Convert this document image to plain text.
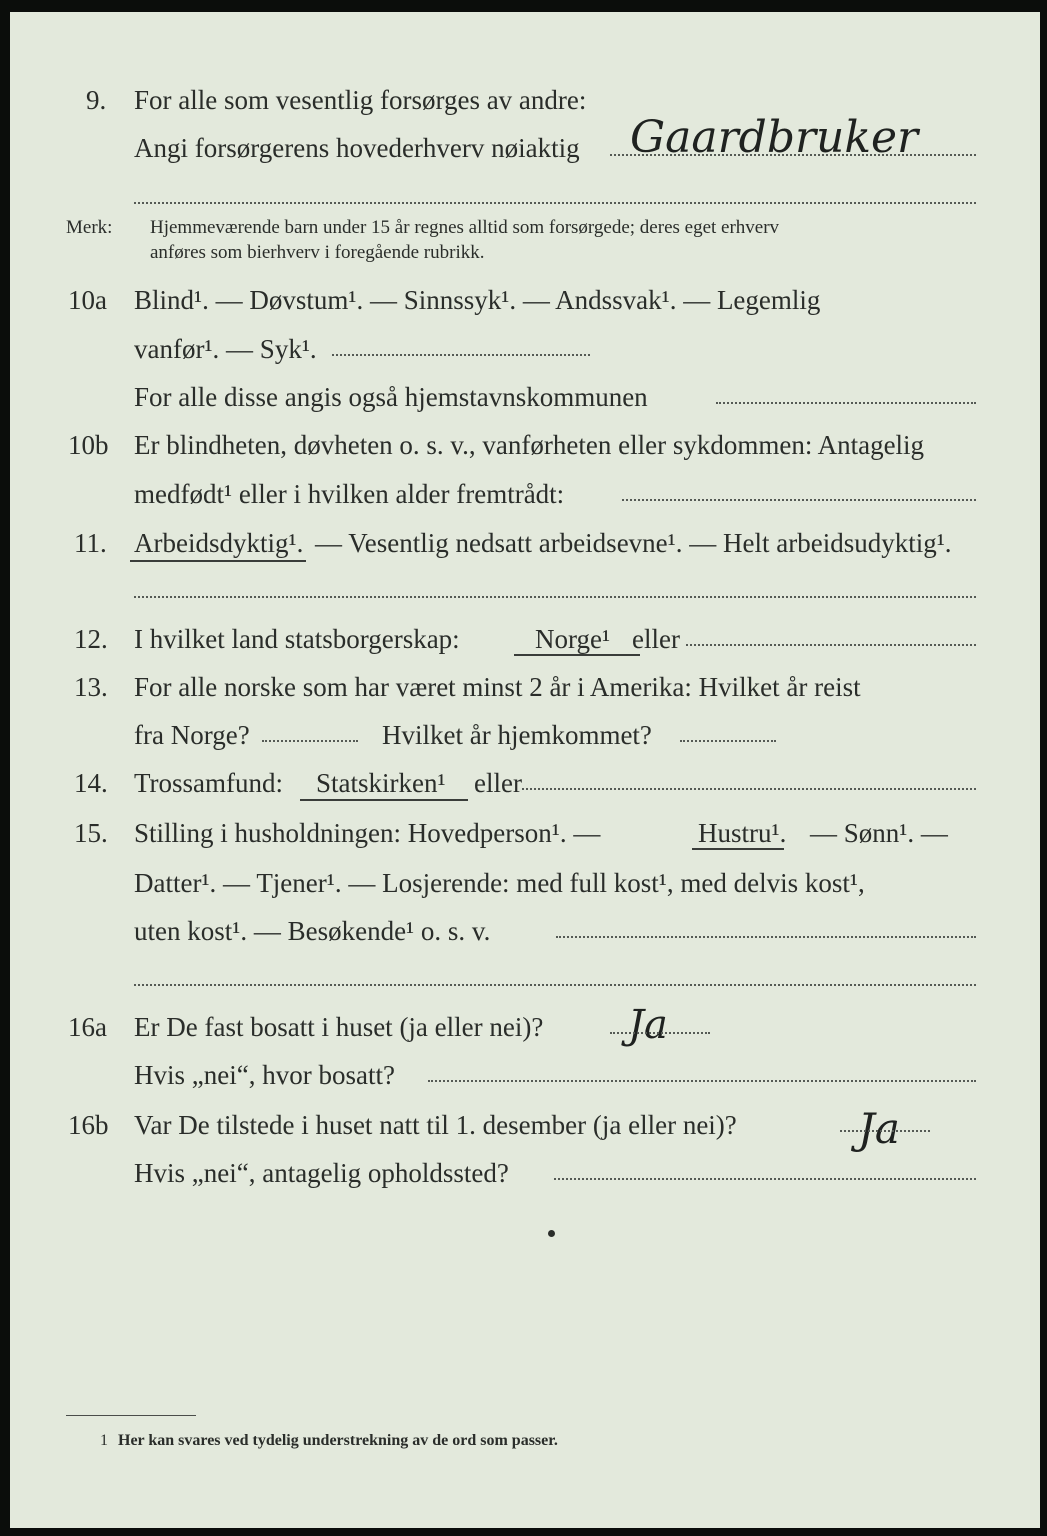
9. For alle som vesentlig forsørges av andre:
Angi forsørgerens hovederhverv nøiaktig Gaardbruker
Merk: Hjemmeværende barn under 15 år regnes alltid som forsørgede; deres eget erhverv
anføres som bierhverv i foregående rubrikk.
10a Blind¹. — Døvstum¹. — Sinnssyk¹. — Andssvak¹. — Legemlig
vanfør¹. — Syk¹.
For alle disse angis også hjemstavnskommunen
10b Er blindheten, døvheten o. s. v., vanførheten eller sykdommen: Antagelig
medfødt¹ eller i hvilken alder fremtrådt:
11. Arbeidsdyktig¹. — Vesentlig nedsatt arbeidsevne¹. — Helt arbeidsudyktig¹.
12. I hvilket land statsborgerskap:	Norge¹ eller
13. For alle norske som har været minst 2 år i Amerika: Hvilket år reist
fra Norge?	Hvilket år hjemkommet?
14. Trossamfund: Statskirken¹ eller
15. Stilling i husholdningen: Hovedperson¹. —	Hustru¹. — Sønn¹. —
Datter¹. — Tjener¹. — Losjerende: med full kost¹, med delvis kost¹,
uten kost¹. — Besøkende¹ o. s. v.
16a Er De fast bosatt i huset (ja eller nei)? Ja
Hvis „nei“, hvor bosatt?
16b Var De tilstede i huset natt til 1. desember (ja eller nei)?	Ja
Hvis „nei“, antagelig opholdssted?
1 Her kan svares ved tydelig understrekning av de ord som passer.
